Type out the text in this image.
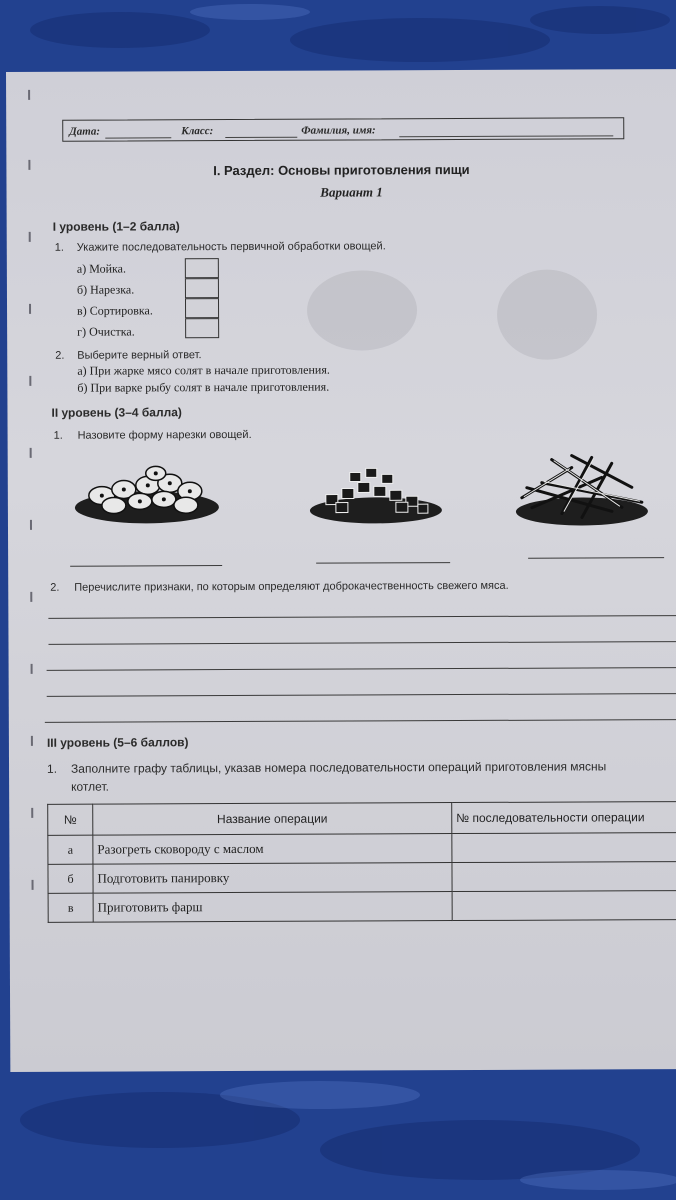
Дата:	Класс:	Фамилия, имя:
I. Раздел: Основы приготовления пищи
Вариант 1
I уровень (1–2 балла)
1. Укажите последовательность первичной обработки овощей.
а) Мойка.
б) Нарезка.
в) Сортировка.
г) Очистка.
2. Выберите верный ответ.
а) При жарке мясо солят в начале приготовления.
б) При варке рыбу солят в начале приготовления.
II уровень (3–4 балла)
1. Назовите форму нарезки овощей.
2. Перечислите признаки, по которым определяют доброкачественность свежего мяса.
III уровень (5–6 баллов)
1. Заполните графу таблицы, указав номера последовательности операций приготовления мясны
котлет.
№	Название операции	№ последовательности операции
а	Разогреть сковороду с маслом	
б	Подготовить панировку	
в	Приготовить фарш	
